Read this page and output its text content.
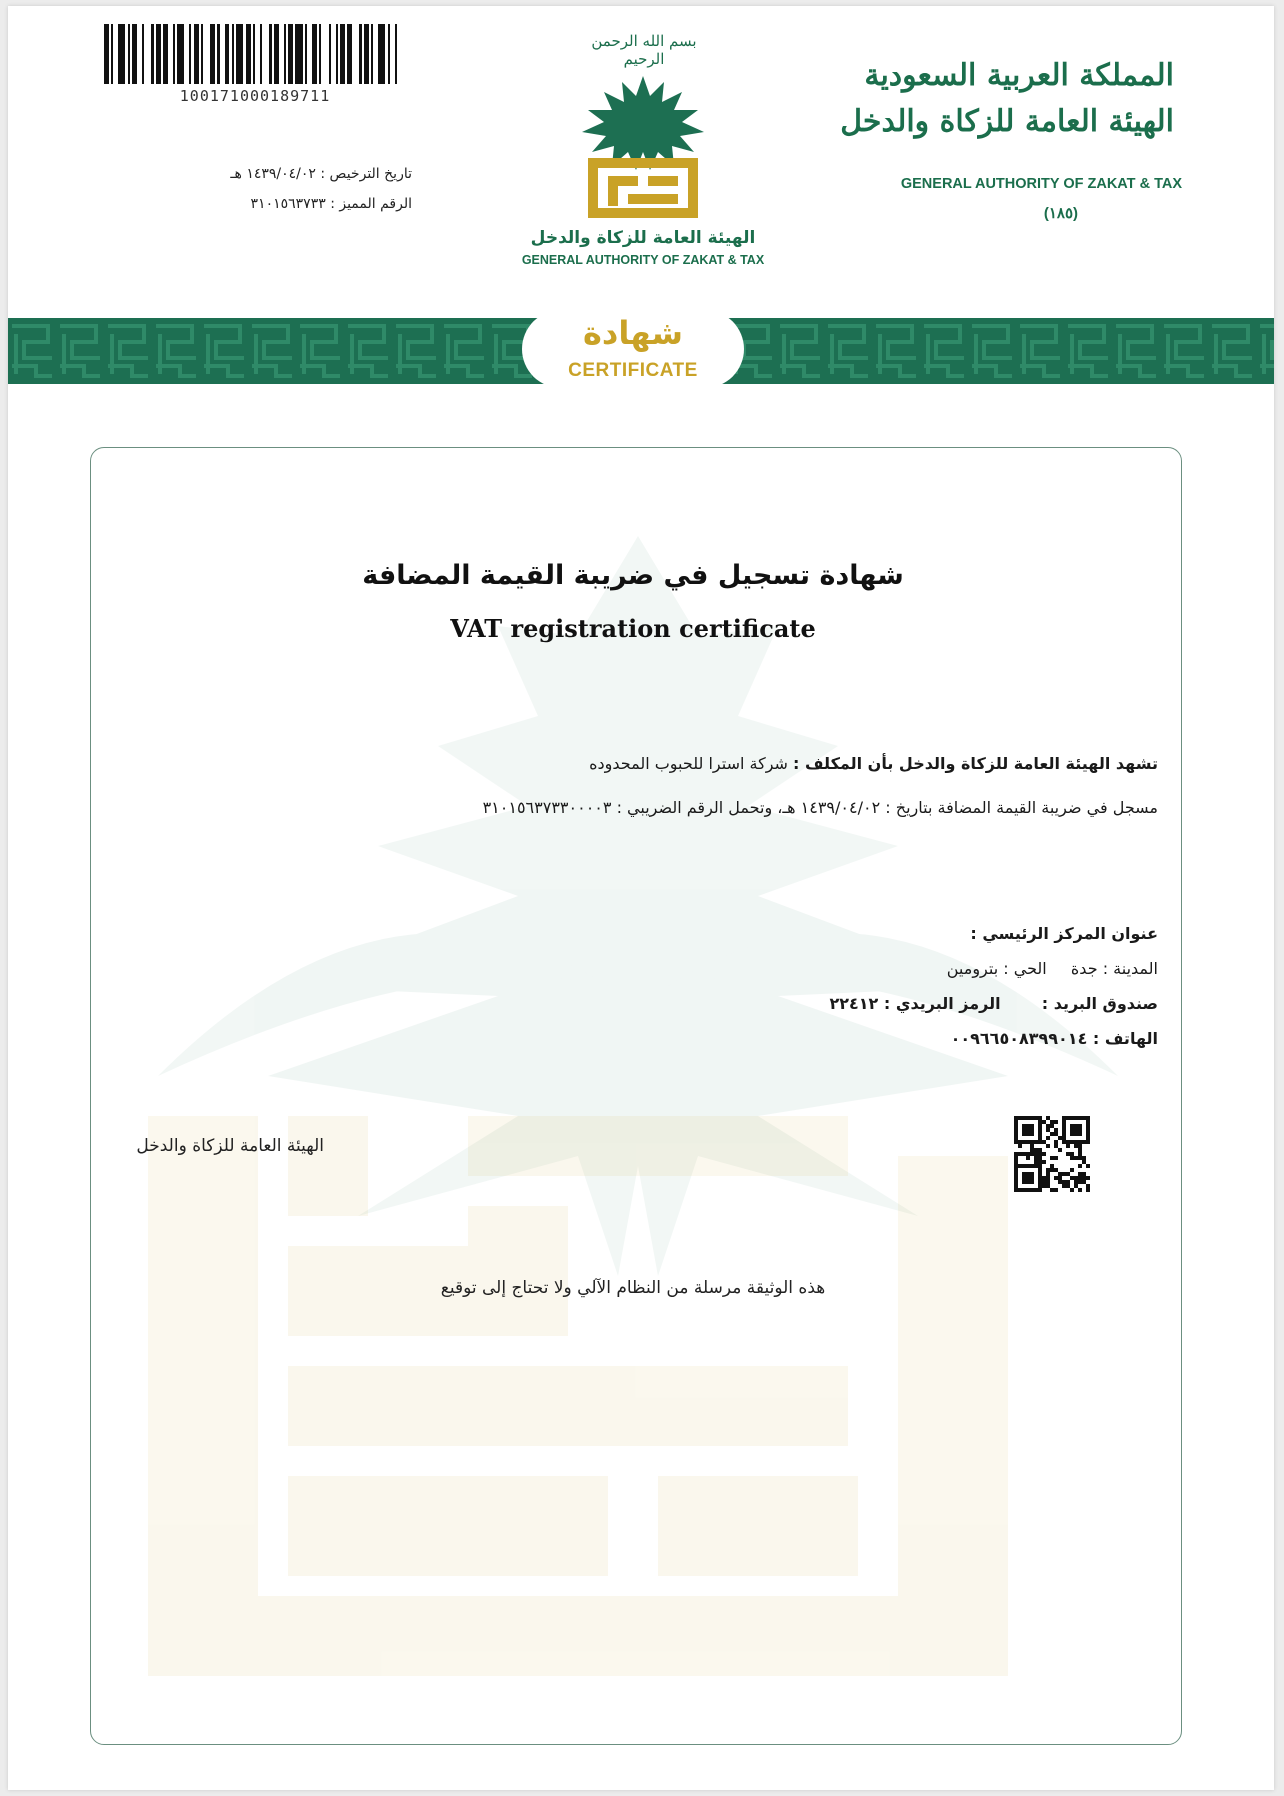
100171000189711
تاريخ الترخيص : ١٤٣٩/٠٤/٠٢ هـ
الرقم المميز : ٣١٠١٥٦٣٧٣٣
بسم الله الرحمن الرحيم
الهيئة العامة للزكاة والدخل
GENERAL AUTHORITY OF ZAKAT & TAX
المملكة العربية السعودية
الهيئة العامة للزكاة والدخل
GENERAL AUTHORITY OF ZAKAT & TAX
(١٨٥)
شهادة
CERTIFICATE
شهادة تسجيل في ضريبة القيمة المضافة
VAT registration certificate
تشهد الهيئة العامة للزكاة والدخل بأن المكلف : شركة استرا للحبوب المحدوده
مسجل في ضريبة القيمة المضافة بتاريخ : ١٤٣٩/٠٤/٠٢ هـ، وتحمل الرقم الضريبي : ٣١٠١٥٦٣٧٣٣٠٠٠٠٣
عنوان المركز الرئيسي :
المدينة : جدة  الحي : بترومين
صندوق البريد :  الرمز البريدي : ٢٢٤١٢
الهاتف : ٠٠٩٦٦٥٠٨٣٩٩٠١٤
الهيئة العامة للزكاة والدخل
هذه الوثيقة مرسلة من النظام الآلي ولا تحتاج إلى توقيع
